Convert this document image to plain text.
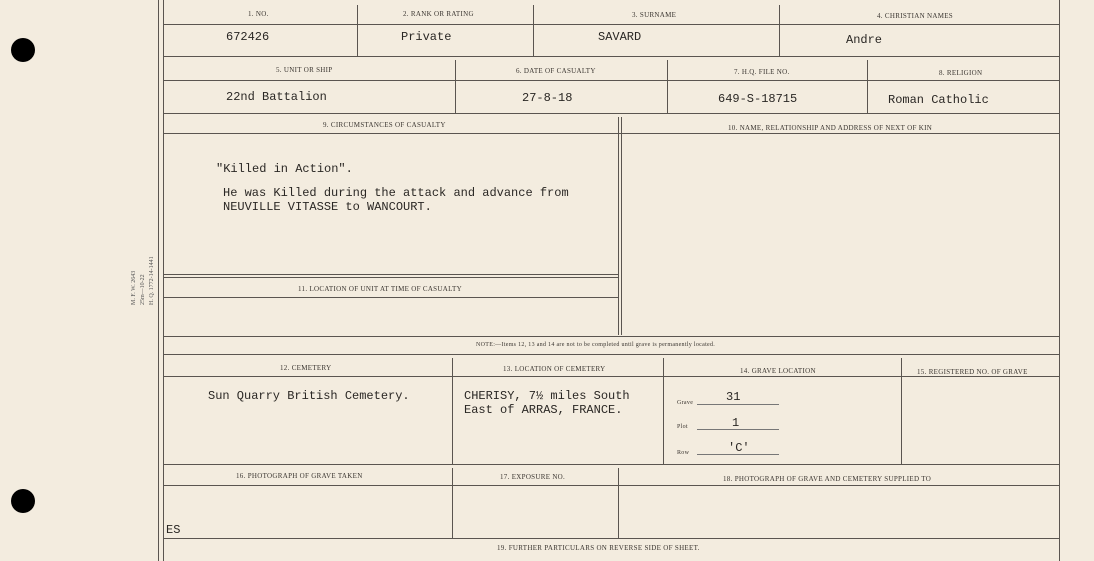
M. F. W. 2643 25m—10-22 H. Q. 1772-14-1441
1. NO.	2. RANK OR RATING	3. SURNAME	4. CHRISTIAN NAMES
672426	Private	SAVARD	Andre
5. UNIT OR SHIP	6. DATE OF CASUALTY	7. H.Q. FILE NO.	8. RELIGION
22nd Battalion	27-8-18	649-S-18715	Roman Catholic
9. CIRCUMSTANCES OF CASUALTY	10. NAME, RELATIONSHIP AND ADDRESS OF NEXT OF KIN
"Killed in Action".
He was Killed during the attack and advance from
NEUVILLE VITASSE to WANCOURT.
11. LOCATION OF UNIT AT TIME OF CASUALTY
NOTE:—Items 12, 13 and 14 are not to be completed until grave is permanently located.
12. CEMETERY	13. LOCATION OF CEMETERY	14. GRAVE LOCATION	15. REGISTERED NO. OF GRAVE
Sun Quarry British Cemetery.	CHERISY, 7½ miles South
East of ARRAS, FRANCE.	Grave	31
Plot	1
Row	'C'
16. PHOTOGRAPH OF GRAVE TAKEN	17. EXPOSURE NO.	18. PHOTOGRAPH OF GRAVE AND CEMETERY SUPPLIED TO
ES
19. FURTHER PARTICULARS ON REVERSE SIDE OF SHEET.
